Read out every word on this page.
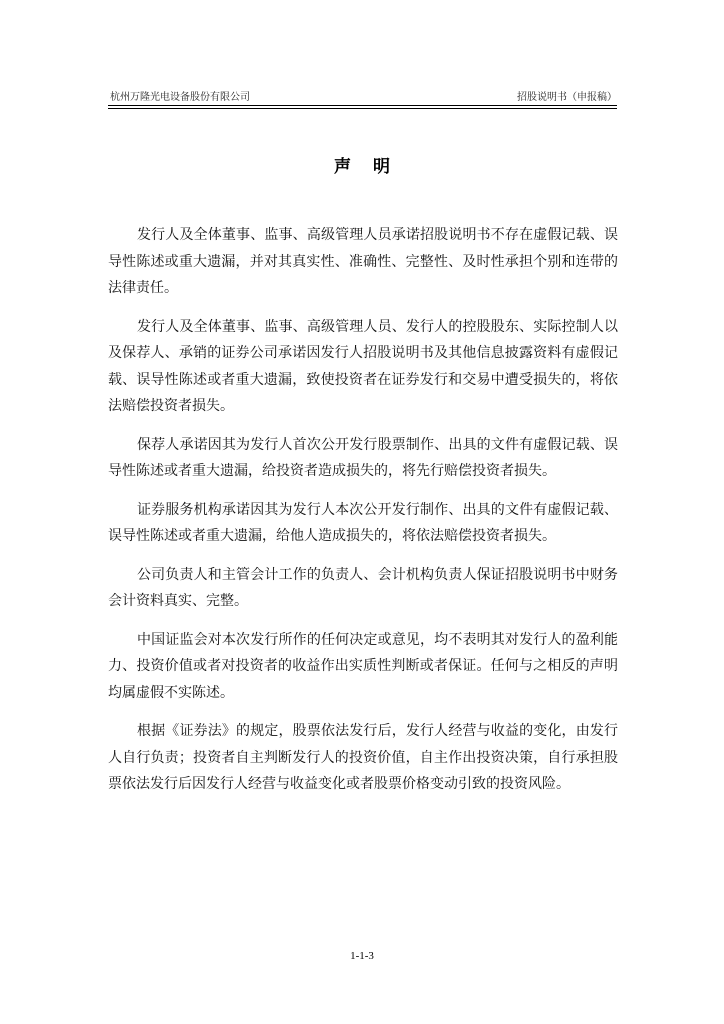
杭州万隆光电设备股份有限公司	招股说明书（申报稿）
声明

发行人及全体董事、监事、高级管理人员承诺招股说明书不存在虚假记载、误导性陈述或重大遗漏，并对其真实性、准确性、完整性、及时性承担个别和连带的法律责任。

发行人及全体董事、监事、高级管理人员、发行人的控股股东、实际控制人以及保荐人、承销的证券公司承诺因发行人招股说明书及其他信息披露资料有虚假记载、误导性陈述或者重大遗漏，致使投资者在证券发行和交易中遭受损失的，将依法赔偿投资者损失。

保荐人承诺因其为发行人首次公开发行股票制作、出具的文件有虚假记载、误导性陈述或者重大遗漏，给投资者造成损失的，将先行赔偿投资者损失。

证券服务机构承诺因其为发行人本次公开发行制作、出具的文件有虚假记载、误导性陈述或者重大遗漏，给他人造成损失的，将依法赔偿投资者损失。

公司负责人和主管会计工作的负责人、会计机构负责人保证招股说明书中财务会计资料真实、完整。

中国证监会对本次发行所作的任何决定或意见，均不表明其对发行人的盈利能力、投资价值或者对投资者的收益作出实质性判断或者保证。任何与之相反的声明均属虚假不实陈述。

根据《证券法》的规定，股票依法发行后，发行人经营与收益的变化，由发行人自行负责；投资者自主判断发行人的投资价值，自主作出投资决策，自行承担股票依法发行后因发行人经营与收益变化或者股票价格变动引致的投资风险。

1-1-3
